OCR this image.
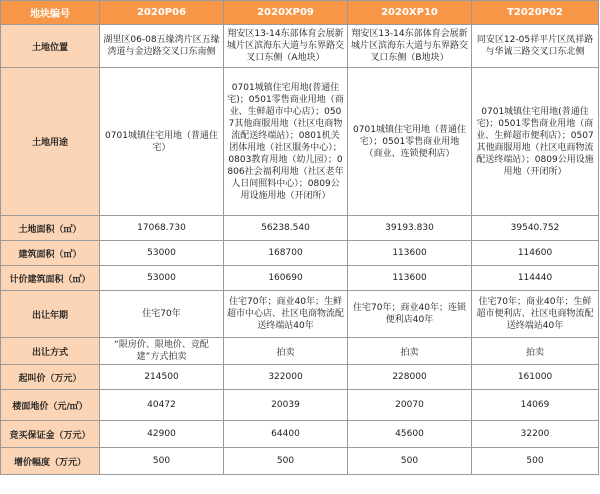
地块编号	2020P06	2020XP09	2020XP10	T2020P02
土地位置	湖里区06-08五缘湾片区五缘湾道与金边路交叉口东南侧	翔安区13-14东部体育会展新城片区滨海东大道与东界路交叉口东侧（A地块）	翔安区13-14东部体育会展新城片区滨海东大道与东界路交叉口东侧（B地块）	同安区12-05祥平片区凤祥路与华诚三路交叉口东北侧
土地用途	0701城镇住宅用地（普通住宅）	0701城镇住宅用地(普通住宅)；0501零售商业用地（商业、生鲜超市中心店）；0507其他商服用地（社区电商物流配送终端站）；0801机关团体用地（社区服务中心）；0803教育用地（幼儿园）；0806社会福利用地（社区老年人日间照料中心）；0809公用设施用地（开闭所）	0701城镇住宅用地（普通住宅）；0501零售商业用地（商业、连锁便利店）	0701城镇住宅用地(普通住宅)；0501零售商业用地（商业、生鲜超市便利店）；0507其他商服用地（社区电商物流配送终端站）；0809公用设施用地（开闭所）
土地面积（㎡）	17068.730	56238.540	39193.830	39540.752
建筑面积（㎡）	53000	168700	113600	114600
计价建筑面积（㎡）	53000	160690	113600	114440
出让年期	住宅70年	住宅70年；商业40年；生鲜超市中心店、社区电商物流配送终端站40年	住宅70年；商业40年；连锁便利店40年	住宅70年；商业40年；生鲜超市便利店、社区电商物流配送终端站40年
出让方式	“限房价、限地价、竞配建”方式拍卖	拍卖	拍卖	拍卖
起叫价（万元）	214500	322000	228000	161000
楼面地价（元/㎡）	40472	20039	20070	14069
竞买保证金（万元）	42900	64400	45600	32200
增价幅度（万元）	500	500	500	500
